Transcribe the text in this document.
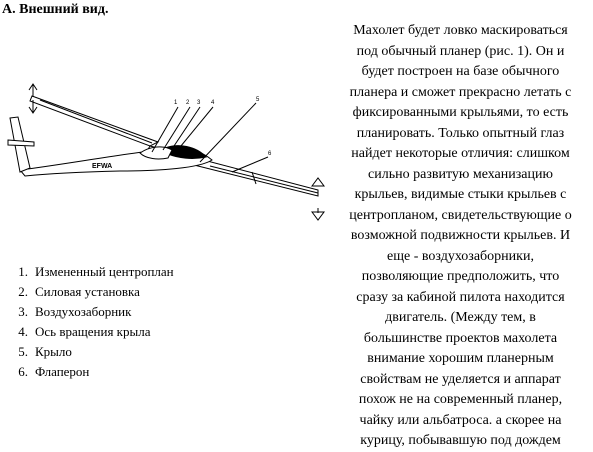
А. Внешний вид.
EFWA
1 2 3 4	5
6
1. Измененный центроплан
2. Силовая установка
3. Воздухозаборник
4. Ось вращения крыла
5. Крыло
6. Флаперон
Махолет будет ловко маскироваться
под обычный планер (рис. 1). Он и
будет построен на базе обычного
планера и сможет прекрасно летать с
фиксированными крыльями, то есть
планировать. Только опытный глаз
найдет некоторые отличия: слишком
сильно развитую механизацию
крыльев, видимые стыки крыльев с
центропланом, свидетельствующие о
возможной подвижности крыльев. И
еще - воздухозаборники,
позволяющие предположить, что
сразу за кабиной пилота находится
двигатель. (Между тем, в
большинстве проектов махолета
внимание хорошим планерным
свойствам не уделяется и аппарат
похож не на современный планер,
чайку или альбатроса. а скорее на
курицу, побывавшую под дождем
